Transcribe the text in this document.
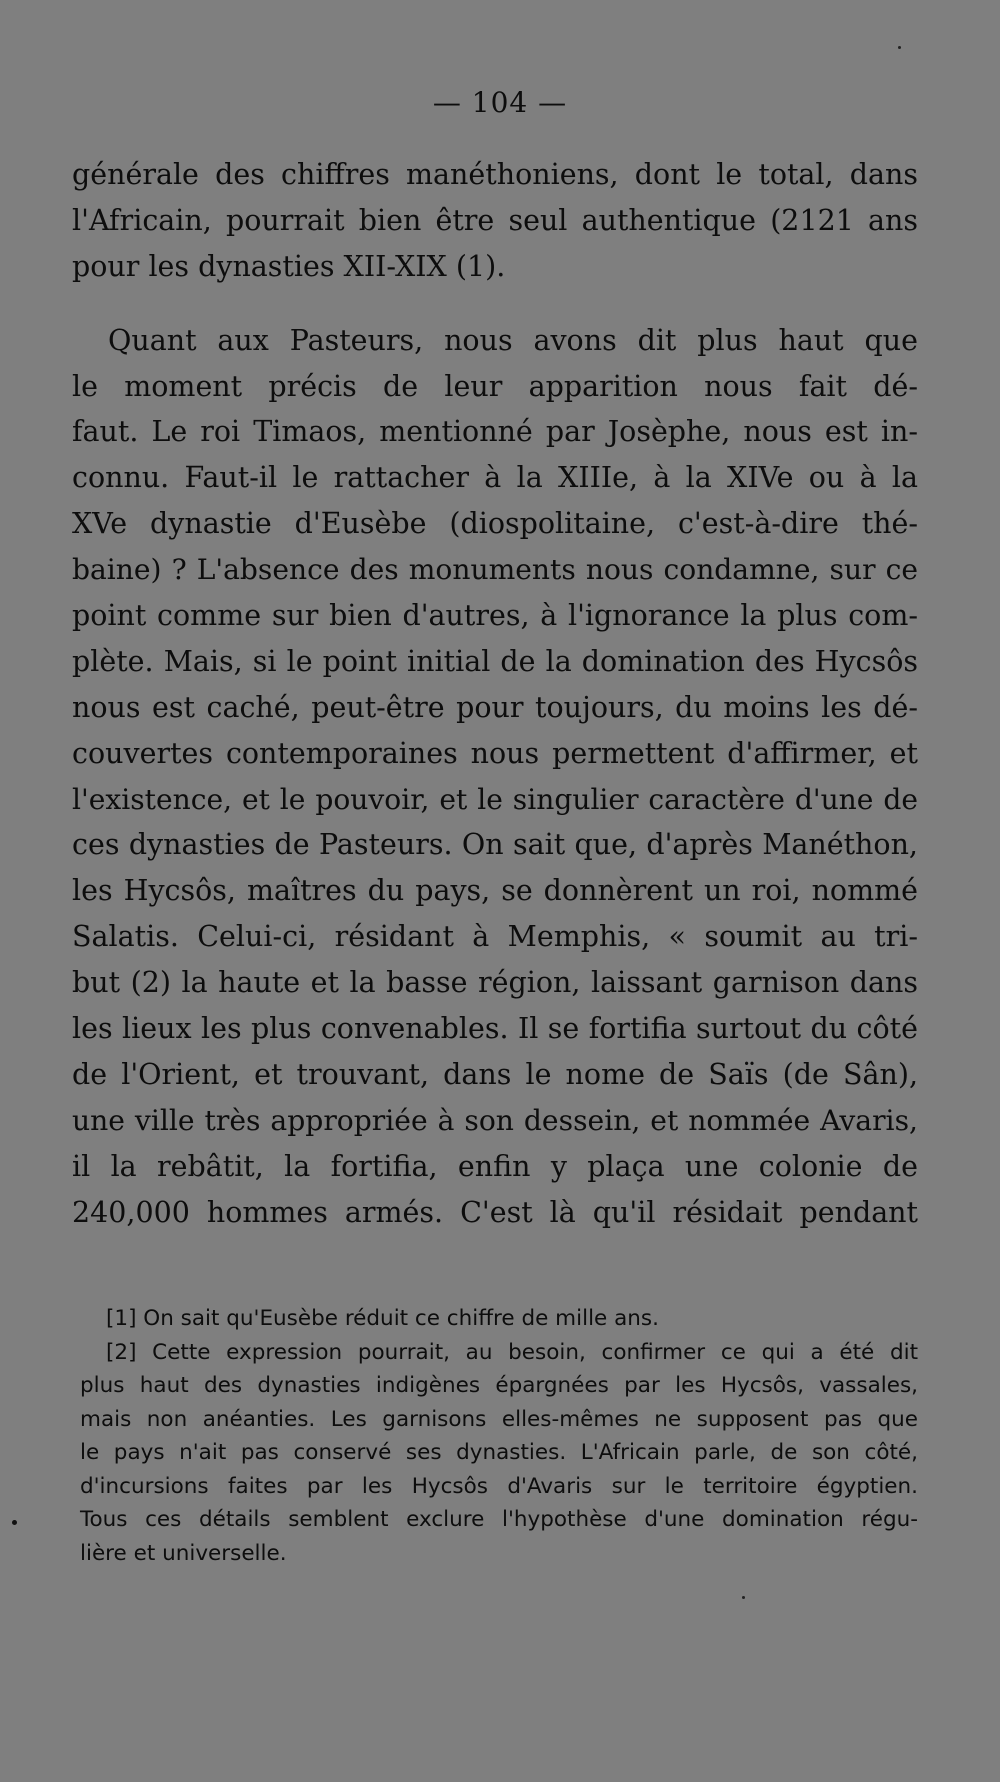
— 104 —
générale des chiffres manéthoniens, dont le total, dans
l'Africain, pourrait bien être seul authentique (2121 ans
pour les dynasties XII-XIX (1).
Quant aux Pasteurs, nous avons dit plus haut que
le moment précis de leur apparition nous fait dé-
faut. Le roi Timaos, mentionné par Josèphe, nous est in-
connu. Faut-il le rattacher à la XIIIe, à la XIVe ou à la
XVe dynastie d'Eusèbe (diospolitaine, c'est-à-dire thé-
baine) ? L'absence des monuments nous condamne, sur ce
point comme sur bien d'autres, à l'ignorance la plus com-
plète. Mais, si le point initial de la domination des Hycsôs
nous est caché, peut-être pour toujours, du moins les dé-
couvertes contemporaines nous permettent d'affirmer, et
l'existence, et le pouvoir, et le singulier caractère d'une de
ces dynasties de Pasteurs. On sait que, d'après Manéthon,
les Hycsôs, maîtres du pays, se donnèrent un roi, nommé
Salatis. Celui-ci, résidant à Memphis, « soumit au tri-
but (2) la haute et la basse région, laissant garnison dans
les lieux les plus convenables. Il se fortifia surtout du côté
de l'Orient, et trouvant, dans le nome de Saïs (de Sân),
une ville très appropriée à son dessein, et nommée Avaris,
il la rebâtit, la fortifia, enfin y plaça une colonie de
240,000 hommes armés. C'est là qu'il résidait pendant
[1] On sait qu'Eusèbe réduit ce chiffre de mille ans.
[2] Cette expression pourrait, au besoin, confirmer ce qui a été dit
plus haut des dynasties indigènes épargnées par les Hycsôs, vassales,
mais non anéanties. Les garnisons elles-mêmes ne supposent pas que
le pays n'ait pas conservé ses dynasties. L'Africain parle, de son côté,
d'incursions faites par les Hycsôs d'Avaris sur le territoire égyptien.
Tous ces détails semblent exclure l'hypothèse d'une domination régu-
lière et universelle.
